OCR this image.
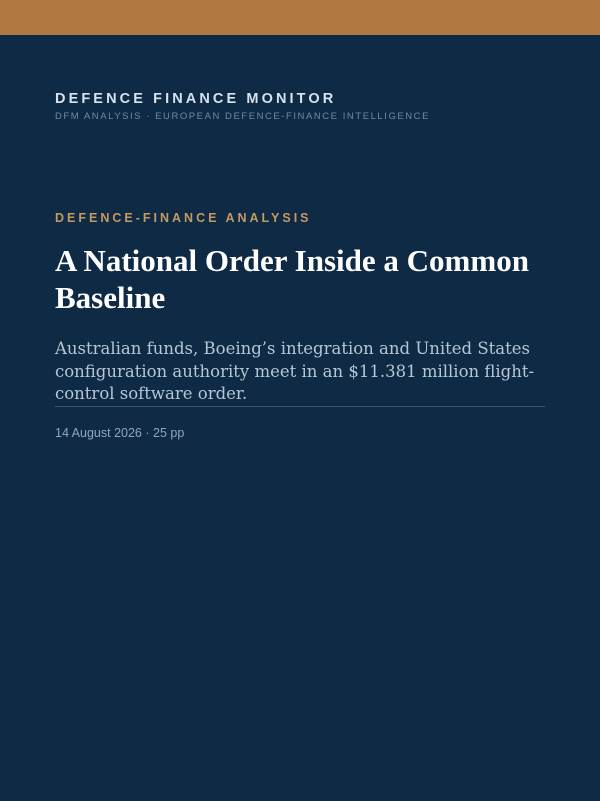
DEFENCE FINANCE MONITOR

DFM ANALYSIS · EUROPEAN DEFENCE-FINANCE INTELLIGENCE

DEFENCE-FINANCE ANALYSIS

A National Order Inside a Common Baseline

Australian funds, Boeing’s integration and United States configuration authority meet in an $11.381 million flight-control software order.

14 August 2026 · 25 pp
